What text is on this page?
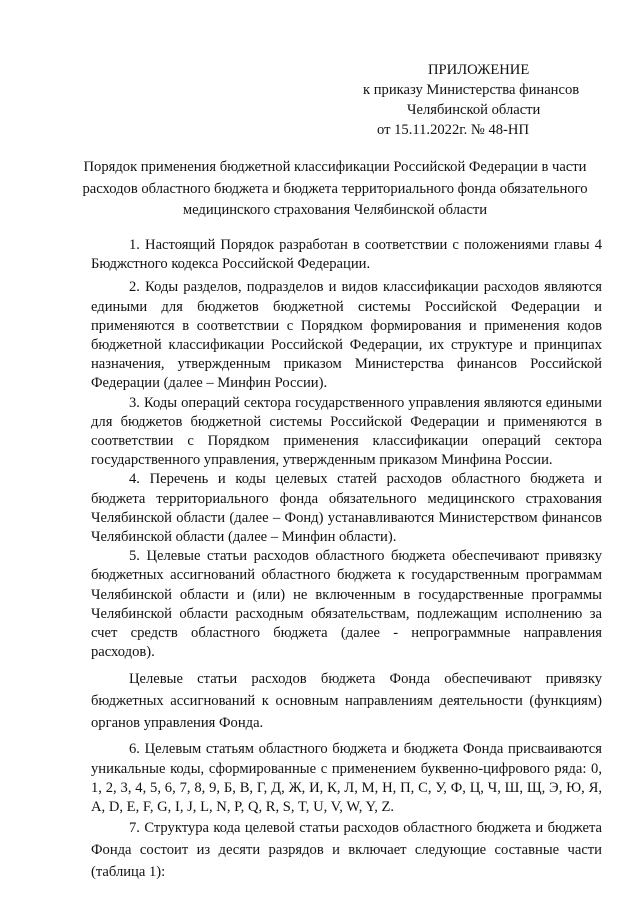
ПРИЛОЖЕНИЕ
к приказу Министерства финансов
Челябинской области
от 15.11.2022г. № 48-НП
Порядок применения бюджетной классификации Российской Федерации в части расходов областного бюджета и бюджета территориального фонда обязательного медицинского страхования Челябинской области

1. Настоящий Порядок разработан в соответствии с положениями главы 4 Бюджстного кодекса Российской Федерации.

2. Коды разделов, подразделов и видов классификации расходов являются едиными для бюджетов бюджетной системы Российской Федерации и применяются в соответствии с Порядком формирования и применения кодов бюджетной классификации Российской Федерации, их структуре и принципах назначения, утвержденным приказом Министерства финансов Российской Федерации (далее – Минфин России).

3. Коды операций сектора государственного управления являются едиными для бюджетов бюджетной системы Российской Федерации и применяются в соответствии с Порядком применения классификации операций сектора государственного управления, утвержденным приказом Минфина России.

4. Перечень и коды целевых статей расходов областного бюджета и бюджета территориального фонда обязательного медицинского страхования Челябинской области (далее – Фонд) устанавливаются Министерством финансов Челябинской области (далее – Минфин области).

5. Целевые статьи расходов областного бюджета обеспечивают привязку бюджетных ассигнований областного бюджета к государственным программам Челябинской области и (или) не включенным в государственные программы Челябинской области расходным обязательствам, подлежащим исполнению за счет средств областного бюджета (далее - непрограммные направления расходов).

Целевые статьи расходов бюджета Фонда обеспечивают привязку бюджетных ассигнований к основным направлениям деятельности (функциям) органов управления Фонда.

6. Целевым статьям областного бюджета и бюджета Фонда присваиваются уникальные коды, сформированные с применением буквенно-цифрового ряда: 0, 1, 2, 3, 4, 5, 6, 7, 8, 9, Б, В, Г, Д, Ж, И, К, Л, М, Н, П, С, У, Ф, Ц, Ч, Ш, Щ, Э, Ю, Я, A, D, E, F, G, I, J, L, N, P, Q, R, S, T, U, V, W, Y, Z.

7. Структура кода целевой статьи расходов областного бюджета и бюджета Фонда состоит из десяти разрядов и включает следующие составные части (таблица 1):
